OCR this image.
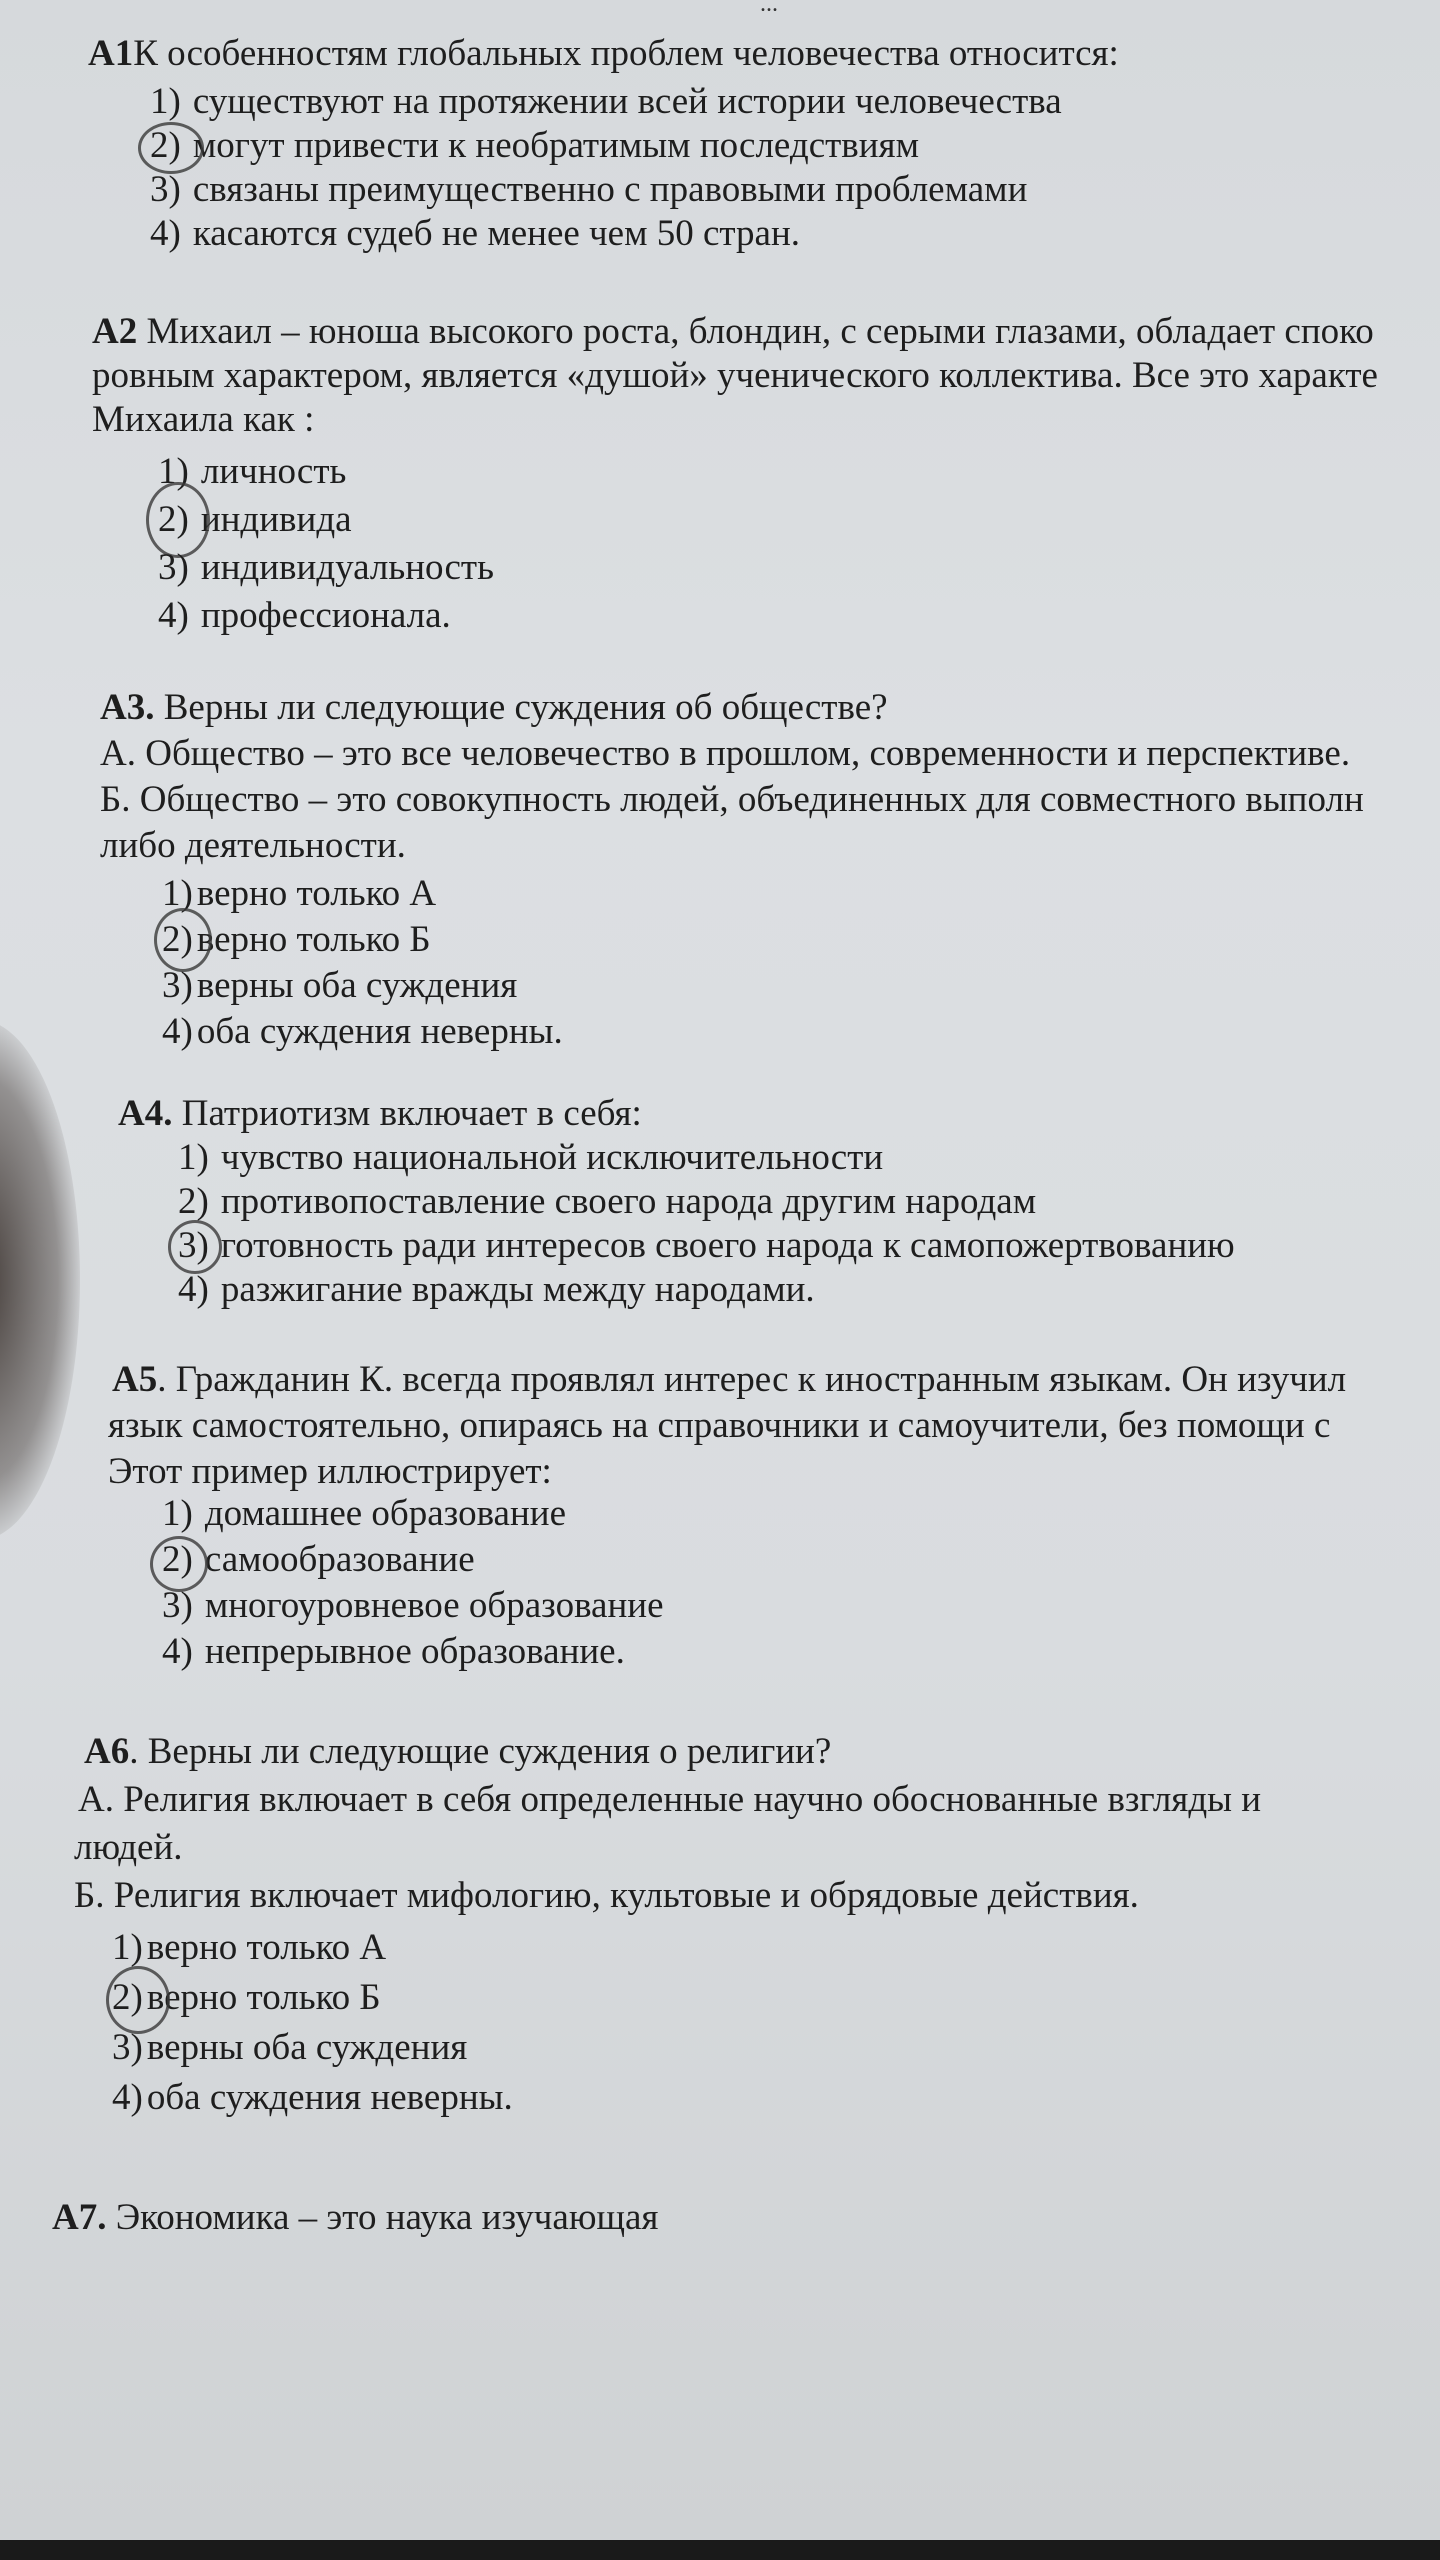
...
А1К особенностям глобальных проблем человечества относится:
1) существуют на протяжении всей истории человечества
2) могут привести к необратимым последствиям
3) связаны преимущественно с правовыми проблемами
4) касаются судеб не менее чем 50 стран.
А2 Михаил – юноша высокого роста, блондин, с серыми глазами, обладает споко
ровным характером, является «душой» ученического коллектива. Все это характе
Михаила как :
1) личность
2) индивида
3) индивидуальность
4) профессионала.
А3. Верны ли следующие суждения об обществе?
А. Общество – это все человечество в прошлом, современности и перспективе.
Б. Общество – это совокупность людей, объединенных для совместного выполн
либо деятельности.
1) верно только А
2) верно только Б
3) верны оба суждения
4) оба суждения неверны.
А4. Патриотизм включает в себя:
1) чувство национальной исключительности
2) противопоставление своего народа другим народам
3) готовность ради интересов своего народа к самопожертвованию
4) разжигание вражды между народами.
А5. Гражданин К. всегда проявлял интерес к иностранным языкам. Он изучил
язык самостоятельно, опираясь на справочники и самоучители, без помощи с
Этот пример иллюстрирует:
1) домашнее образование
2) самообразование
3) многоуровневое образование
4) непрерывное образование.
А6. Верны ли следующие суждения о религии?
А. Религия включает в себя определенные научно обоснованные взгляды и
людей.
Б. Религия включает мифологию, культовые и обрядовые действия.
1) верно только А
2) верно только Б
3) верны оба суждения
4) оба суждения неверны.
А7. Экономика – это наука изучающая
